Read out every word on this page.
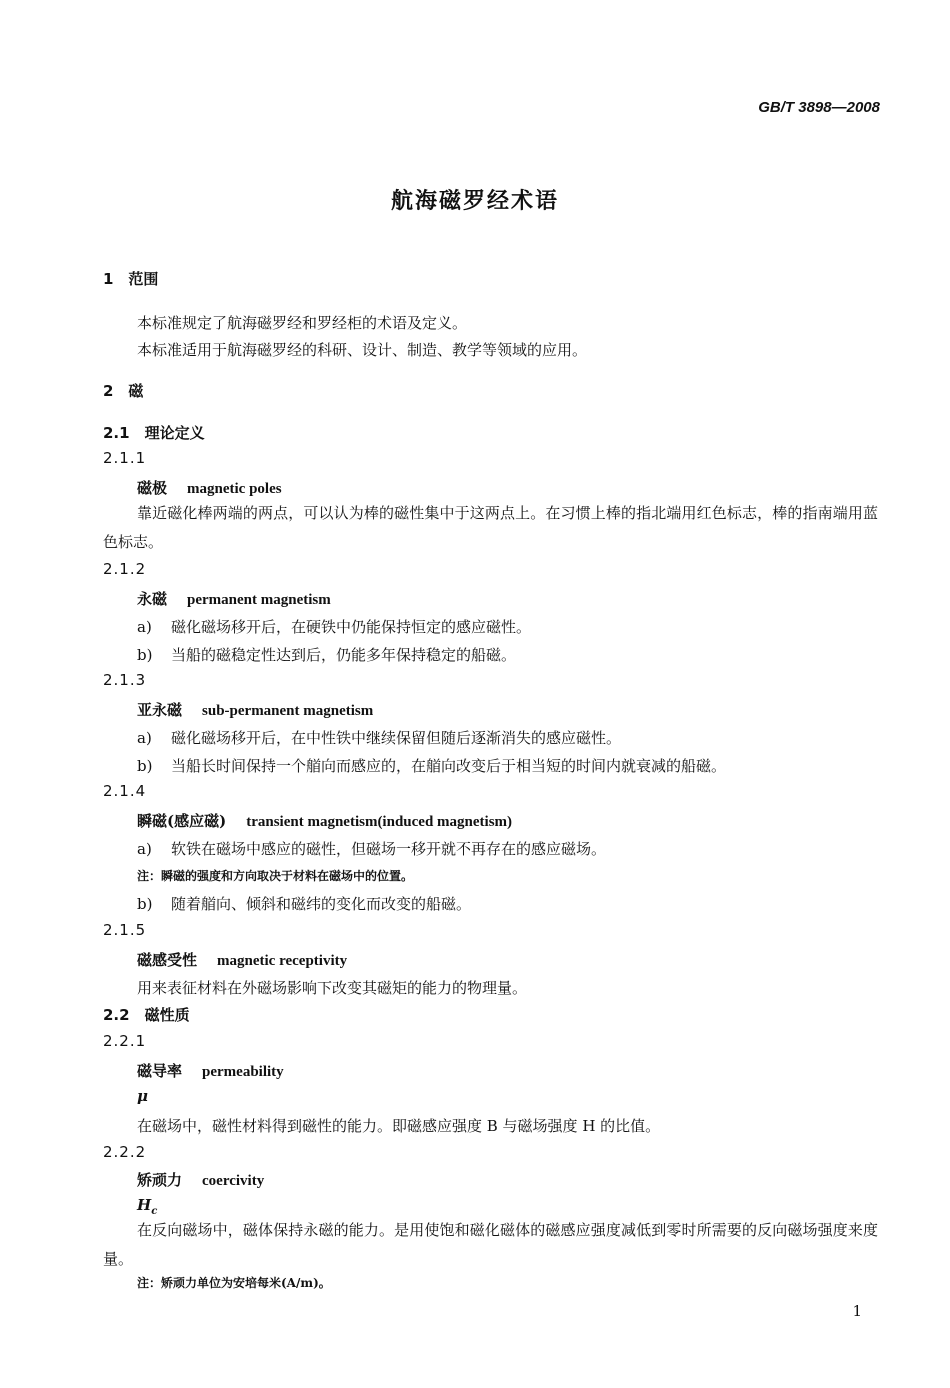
GB/T 3898—2008
航海磁罗经术语
1　范围
本标准规定了航海磁罗经和罗经柜的术语及定义。
本标准适用于航海磁罗经的科研、设计、制造、教学等领域的应用。
2　磁
2.1　理论定义
2.1.1
磁极 magnetic poles
靠近磁化棒两端的两点，可以认为棒的磁性集中于这两点上。在习惯上棒的指北端用红色标志，棒的指南端用蓝色标志。
2.1.2
永磁 permanent magnetism
a) 磁化磁场移开后，在硬铁中仍能保持恒定的感应磁性。
b) 当船的磁稳定性达到后，仍能多年保持稳定的船磁。
2.1.3
亚永磁 sub-permanent magnetism
a) 磁化磁场移开后，在中性铁中继续保留但随后逐渐消失的感应磁性。
b) 当船长时间保持一个艏向而感应的，在艏向改变后于相当短的时间内就衰减的船磁。
2.1.4
瞬磁(感应磁) transient magnetism(induced magnetism)
a) 软铁在磁场中感应的磁性，但磁场一移开就不再存在的感应磁场。
注：瞬磁的强度和方向取决于材料在磁场中的位置。
b) 随着艏向、倾斜和磁纬的变化而改变的船磁。
2.1.5
磁感受性 magnetic receptivity
用来表征材料在外磁场影响下改变其磁矩的能力的物理量。
2.2　磁性质
2.2.1
磁导率 permeability
μ
在磁场中，磁性材料得到磁性的能力。即磁感应强度 B 与磁场强度 H 的比值。
2.2.2
矫顽力 coercivity
$H_c$
在反向磁场中，磁体保持永磁的能力。是用使饱和磁化磁体的磁感应强度减低到零时所需要的反向磁场强度来度量。
注：矫顽力单位为安培每米(A/m)。
1
